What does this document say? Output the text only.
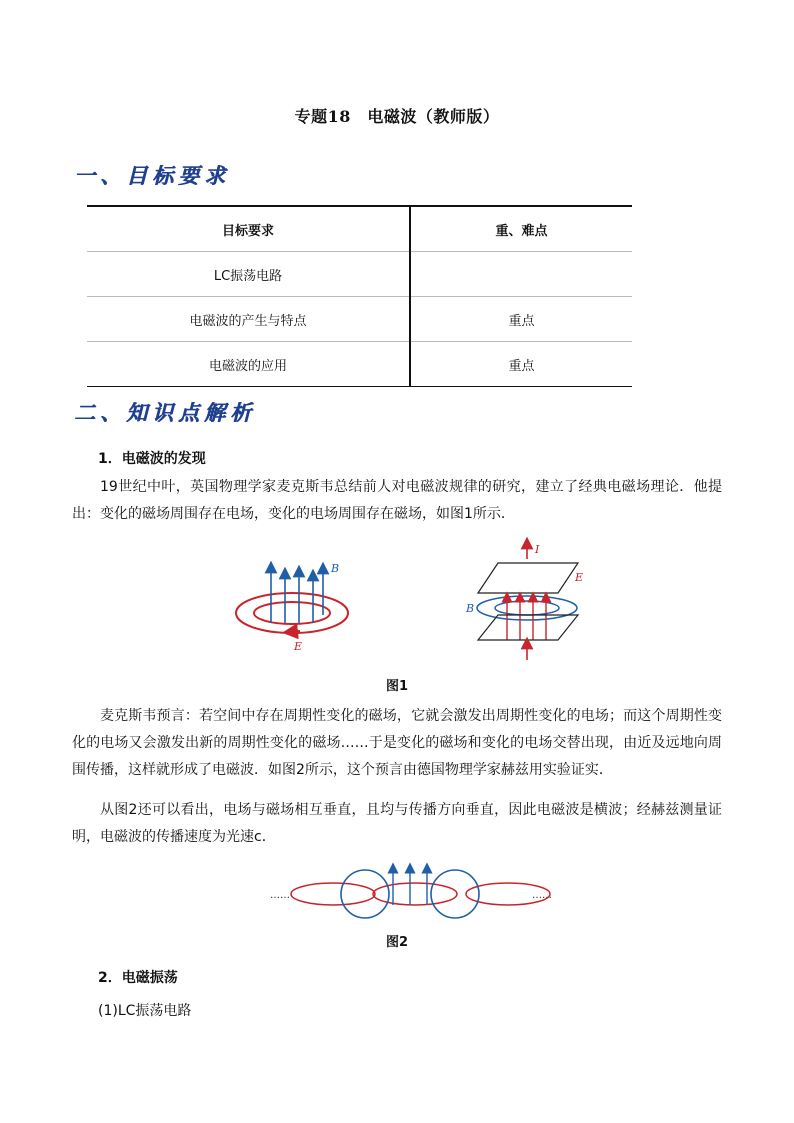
专题18　电磁波（教师版）
一、目标要求
目标要求	重、难点
LC振荡电路	
电磁波的产生与特点	重点
电磁波的应用	重点
二、知识点解析
1．电磁波的发现
19世纪中叶，英国物理学家麦克斯韦总结前人对电磁波规律的研究，建立了经典电磁场理论．他提出：变化的磁场周围存在电场，变化的电场周围存在磁场，如图1所示．
B
E
I
B
E
图1
麦克斯韦预言：若空间中存在周期性变化的磁场，它就会激发出周期性变化的电场；而这个周期性变化的电场又会激发出新的周期性变化的磁场……于是变化的磁场和变化的电场交替出现，由近及远地向周围传播，这样就形成了电磁波．如图2所示，这个预言由德国物理学家赫兹用实验证实．
从图2还可以看出，电场与磁场相互垂直，且均与传播方向垂直，因此电磁波是横波；经赫兹测量证明，电磁波的传播速度为光速c．
……	……
图2
2．电磁振荡
(1)LC振荡电路
